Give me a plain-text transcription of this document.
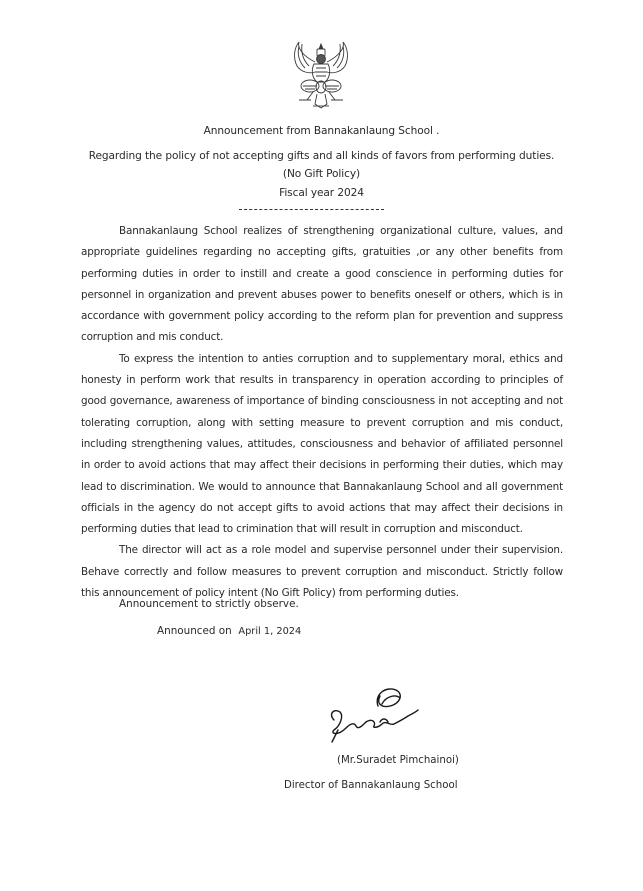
Announcement from Bannakanlaung School .
Regarding the policy of not accepting gifts and all kinds of favors from performing duties.
(No Gift Policy)
Fiscal year 2024

Bannakanlaung School realizes of strengthening organizational culture, values, and appropriate guidelines regarding no accepting gifts, gratuities ,or any other benefits from performing duties in order to instill and create a good conscience in performing duties for personnel in organization and prevent abuses power to benefits oneself or others, which is in accordance with government policy according to the reform plan for prevention and suppress corruption and mis conduct.

To express the intention to anties corruption and to supplementary moral, ethics and honesty in perform work that results in transparency in operation according to principles of good governance, awareness of importance of binding consciousness in not accepting and not tolerating corruption, along with setting measure to prevent corruption and mis conduct, including strengthening values, attitudes, consciousness and behavior of affiliated personnel in order to avoid actions that may affect their decisions in performing their duties, which may lead to discrimination. We would to announce that Bannakanlaung School and all government officials in the agency do not accept gifts to avoid actions that may affect their decisions in performing duties that lead to crimination that will result in corruption and misconduct.

The director will act as a role model and supervise personnel under their supervision. Behave correctly and follow measures to prevent corruption and misconduct. Strictly follow this announcement of policy intent (No Gift Policy) from performing duties.

Announcement to strictly observe.
Announced on April 1, 2024
(Mr.Suradet Pimchainoi)
Director of Bannakanlaung School
